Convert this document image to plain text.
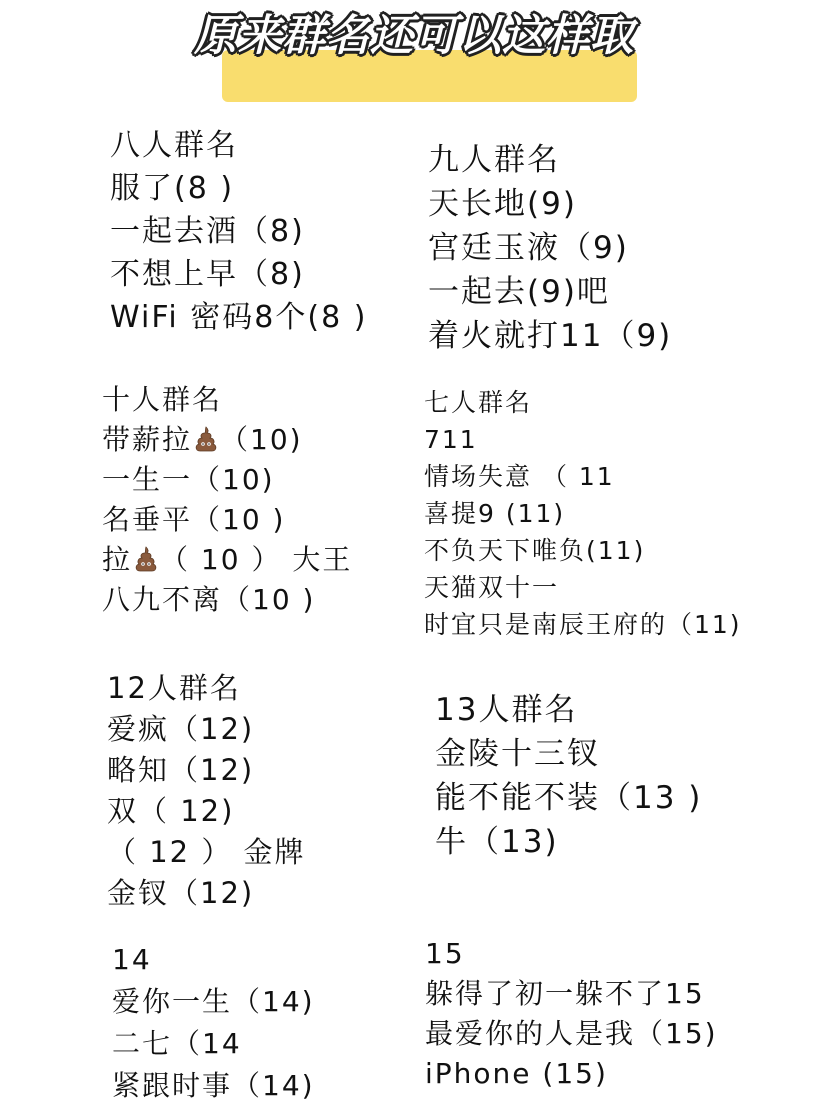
原来群名还可以这样取
八人群名
服了(8 )
一起去酒（8)
不想上早（8)
WiFi 密码8个(8 )
九人群名
天长地(9)
宫廷玉液（9)
一起去(9)吧
着火就打11（9)
十人群名
带薪拉 （10)
一生一（10)
名垂平（10 )
拉 （ 10 ） 大王
八九不离（10 )
七人群名
711
情场失意 （ 11
喜提9 (11)
不负天下唯负(11)
天猫双十一
时宜只是南辰王府的（11)
12人群名
爱疯（12)
略知（12)
双（ 12)
（ 12 ） 金牌
金钗（12)
13人群名
金陵十三钗
能不能不装（13 )
牛（13)
14
爱你一生（14)
二七（14
紧跟时事（14)
15
躲得了初一躲不了15
最爱你的人是我（15)
iPhone (15)
